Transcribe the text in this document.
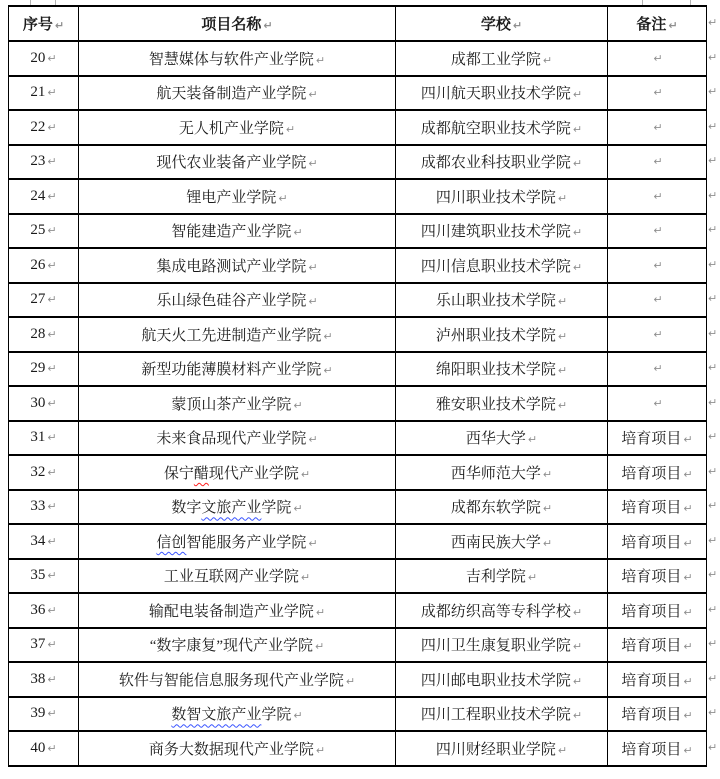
序号 ↵	项目名称 ↵	学校 ↵	备注 ↵
20 ↵	智慧媒体与软件产业学院 ↵	成都工业学院 ↵	↵
21 ↵	航天装备制造产业学院 ↵	四川航天职业技术学院 ↵	↵
22 ↵	无人机产业学院 ↵	成都航空职业技术学院 ↵	↵
23 ↵	现代农业装备产业学院 ↵	成都农业科技职业学院 ↵	↵
24 ↵	锂电产业学院 ↵	四川职业技术学院 ↵	↵
25 ↵	智能建造产业学院 ↵	四川建筑职业技术学院 ↵	↵
26 ↵	集成电路测试产业学院 ↵	四川信息职业技术学院 ↵	↵
27 ↵	乐山绿色硅谷产业学院 ↵	乐山职业技术学院 ↵	↵
28 ↵	航天火工先进制造产业学院 ↵	泸州职业技术学院 ↵	↵
29 ↵	新型功能薄膜材料产业学院 ↵	绵阳职业技术学院 ↵	↵
30 ↵	蒙顶山茶产业学院 ↵	雅安职业技术学院 ↵	↵
31 ↵	未来食品现代产业学院 ↵	西华大学 ↵	培育项目 ↵
32 ↵	保宁醋现代产业学院 ↵	西华师范大学 ↵	培育项目 ↵
33 ↵	数字文旅产业学院 ↵	成都东软学院 ↵	培育项目 ↵
34 ↵	信创智能服务产业学院 ↵	西南民族大学 ↵	培育项目 ↵
35 ↵	工业互联网产业学院 ↵	吉利学院 ↵	培育项目 ↵
36 ↵	输配电装备制造产业学院 ↵	成都纺织高等专科学校 ↵	培育项目 ↵
37 ↵	“数字康复”现代产业学院 ↵	四川卫生康复职业学院 ↵	培育项目 ↵
38 ↵	软件与智能信息服务现代产业学院 ↵	四川邮电职业技术学院 ↵	培育项目 ↵
39 ↵	数智文旅产业学院 ↵	四川工程职业技术学院 ↵	培育项目 ↵
40 ↵	商务大数据现代产业学院 ↵	四川财经职业学院 ↵	培育项目 ↵
↵
↵
↵
↵
↵
↵
↵
↵
↵
↵
↵
↵
↵
↵
↵
↵
↵
↵
↵
↵
↵
↵
